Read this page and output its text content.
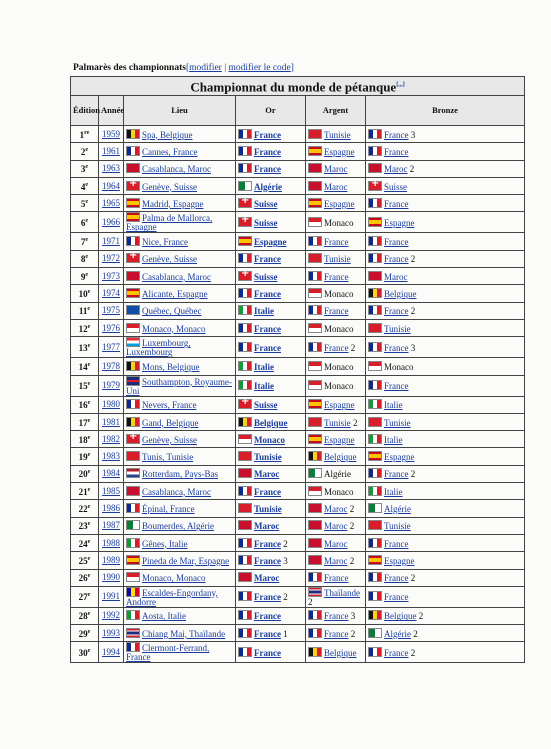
Palmarès des championnats[modifier | modifier le code]
Championnat du monde de pétanque[,,,]
Édition	Année	Lieu	Or	Argent	Bronze
1re	1959	Spa, Belgique	France	Tunisie	France 3
2e	1961	Cannes, France	France	Espagne	France
3e	1963	Casablanca, Maroc	France	Maroc	Maroc 2
4e	1964	+Genève, Suisse	Algérie	Maroc	+Suisse
5e	1965	Madrid, Espagne	+Suisse	Espagne	France
6e	1966	Palma de Mallorca, Espagne	+Suisse	Monaco	Espagne
7e	1971	Nice, France	Espagne	France	France
8e	1972	+Genève, Suisse	France	Tunisie	France 2
9e	1973	Casablanca, Maroc	+Suisse	France	Maroc
10e	1974	Alicante, Espagne	France	Monaco	Belgique
11e	1975	Québec, Québec	Italie	France	France 2
12e	1976	Monaco, Monaco	France	Monaco	Tunisie
13e	1977	Luxembourg, Luxembourg	France	France 2	France 3
14e	1978	Mons, Belgique	Italie	Monaco	Monaco
15e	1979	Southampton, Royaume-Uni	Italie	Monaco	France
16e	1980	Nevers, France	+Suisse	Espagne	Italie
17e	1981	Gand, Belgique	Belgique	Tunisie 2	Tunisie
18e	1982	+Genève, Suisse	Monaco	Espagne	Italie
19e	1983	Tunis, Tunisie	Tunisie	Belgique	Espagne
20e	1984	Rotterdam, Pays-Bas	Maroc	Algérie	France 2
21e	1985	Casablanca, Maroc	France	Monaco	Italie
22e	1986	Épinal, France	Tunisie	Maroc 2	Algérie
23e	1987	Boumerdes, Algérie	Maroc	Maroc 2	Tunisie
24e	1988	Gênes, Italie	France 2	Maroc	France
25e	1989	Pineda de Mar, Espagne	France 3	Maroc 2	Espagne
26e	1990	Monaco, Monaco	Maroc	France	France 2
27e	1991	Escaldes-Engordany, Andorre	France 2	Thaïlande 2	France
28e	1992	Aosta, Italie	France	France 3	Belgique 2
29e	1993	Chiang Mai, Thaïlande	France 1	France 2	Algérie 2
30e	1994	Clermont-Ferrand, France	France	Belgique	France 2
